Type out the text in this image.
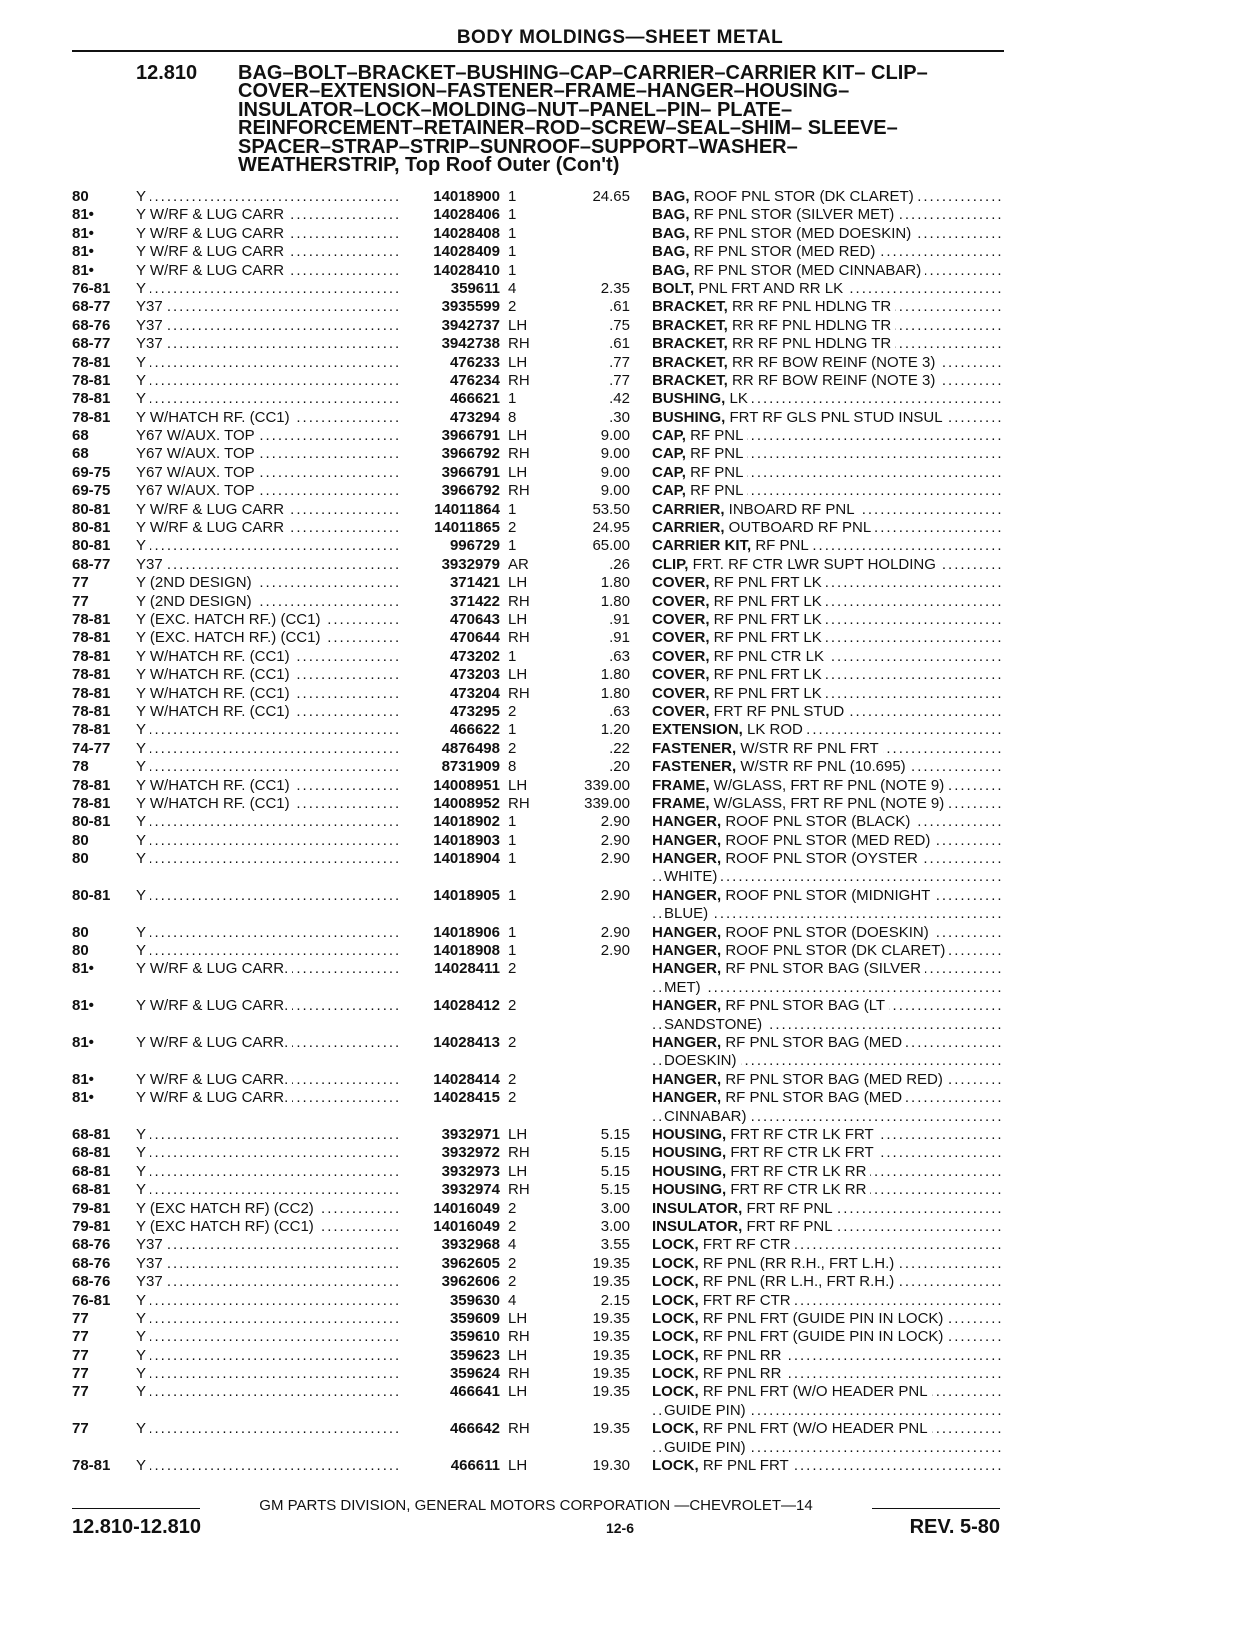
BODY MOLDINGS—SHEET METAL
12.810 BAG–BOLT–BRACKET–BUSHING–CAP–CARRIER–CARRIER KIT– CLIP–
COVER–EXTENSION–FASTENER–FRAME–HANGER–HOUSING–
INSULATOR–LOCK–MOLDING–NUT–PANEL–PIN– PLATE–
REINFORCEMENT–RETAINER–ROD–SCREW–SEAL–SHIM– SLEEVE–
SPACER–STRAP–STRIP–SUNROOF–SUPPORT–WASHER–
WEATHERSTRIP, Top Roof Outer (Con't)
80	Y .....	14018900 1	24.65 BAG, ROOF PNL STOR (DK CLARET) .....
81•	Y W/RF & LUG CARR .....	14028406 1	BAG, RF PNL STOR (SILVER MET) .....
81•	Y W/RF & LUG CARR .....	14028408 1	BAG, RF PNL STOR (MED DOESKIN) .....
81•	Y W/RF & LUG CARR .....	14028409 1	BAG, RF PNL STOR (MED RED) .....
81•	Y W/RF & LUG CARR .....	14028410 1	BAG, RF PNL STOR (MED CINNABAR) .....
76-81	Y .....	359611 4	2.35 BOLT, PNL FRT AND RR LK .....
68-77	Y37 .....	3935599 2	.61 BRACKET, RR RF PNL HDLNG TR .....
68-76	Y37 .....	3942737 LH	.75 BRACKET, RR RF PNL HDLNG TR .....
68-77	Y37 .....	3942738 RH	.61 BRACKET, RR RF PNL HDLNG TR .....
78-81	Y .....	476233 LH	.77 BRACKET, RR RF BOW REINF (NOTE 3) .....
78-81	Y .....	476234 RH	.77 BRACKET, RR RF BOW REINF (NOTE 3) .....
78-81	Y .....	466621 1	.42 BUSHING, LK .....
78-81	Y W/HATCH RF. (CC1) .....	473294 8	.30 BUSHING, FRT RF GLS PNL STUD INSUL .....
68	Y67 W/AUX. TOP .....	3966791 LH	9.00 CAP, RF PNL .....
68	Y67 W/AUX. TOP .....	3966792 RH	9.00 CAP, RF PNL .....
69-75	Y67 W/AUX. TOP .....	3966791 LH	9.00 CAP, RF PNL .....
69-75	Y67 W/AUX. TOP .....	3966792 RH	9.00 CAP, RF PNL .....
80-81	Y W/RF & LUG CARR .....	14011864 1	53.50 CARRIER, INBOARD RF PNL .....
80-81	Y W/RF & LUG CARR .....	14011865 2	24.95 CARRIER, OUTBOARD RF PNL .....
80-81	Y .....	996729 1	65.00 CARRIER KIT, RF PNL .....
68-77	Y37 .....	3932979 AR	.26 CLIP, FRT. RF CTR LWR SUPT HOLDING .....
77	Y (2ND DESIGN) .....	371421 LH	1.80 COVER, RF PNL FRT LK .....
77	Y (2ND DESIGN) .....	371422 RH	1.80 COVER, RF PNL FRT LK .....
78-81	Y (EXC. HATCH RF.) (CC1) .....	470643 LH	.91 COVER, RF PNL FRT LK .....
78-81	Y (EXC. HATCH RF.) (CC1) .....	470644 RH	.91 COVER, RF PNL FRT LK .....
78-81	Y W/HATCH RF. (CC1) .....	473202 1	.63 COVER, RF PNL CTR LK .....
78-81	Y W/HATCH RF. (CC1) .....	473203 LH	1.80 COVER, RF PNL FRT LK .....
78-81	Y W/HATCH RF. (CC1) .....	473204 RH	1.80 COVER, RF PNL FRT LK .....
78-81	Y W/HATCH RF. (CC1) .....	473295 2	.63 COVER, FRT RF PNL STUD .....
78-81	Y .....	466622 1	1.20 EXTENSION, LK ROD .....
74-77	Y .....	4876498 2	.22 FASTENER, W/STR RF PNL FRT .....
78	Y .....	8731909 8	.20 FASTENER, W/STR RF PNL (10.695) .....
78-81	Y W/HATCH RF. (CC1) .....	14008951 LH	339.00 FRAME, W/GLASS, FRT RF PNL (NOTE 9) .....
78-81	Y W/HATCH RF. (CC1) .....	14008952 RH	339.00 FRAME, W/GLASS, FRT RF PNL (NOTE 9) .....
80-81	Y .....	14018902 1	2.90 HANGER, ROOF PNL STOR (BLACK) .....
80	Y .....	14018903 1	2.90 HANGER, ROOF PNL STOR (MED RED) .....
80	Y .....	14018904 1	2.90 HANGER, ROOF PNL STOR (OYSTER .....
WHITE) .....
80-81	Y .....	14018905 1	2.90 HANGER, ROOF PNL STOR (MIDNIGHT .....
BLUE) .....
80	Y .....	14018906 1	2.90 HANGER, ROOF PNL STOR (DOESKIN) .....
80	Y .....	14018908 1	2.90 HANGER, ROOF PNL STOR (DK CLARET) .....
81•	Y W/RF & LUG CARR. .....	14028411 2	HANGER, RF PNL STOR BAG (SILVER .....
MET) .....
81•	Y W/RF & LUG CARR. .....	14028412 2	HANGER, RF PNL STOR BAG (LT .....
SANDSTONE) .....
81•	Y W/RF & LUG CARR. .....	14028413 2	HANGER, RF PNL STOR BAG (MED .....
DOESKIN) .....
81•	Y W/RF & LUG CARR. .....	14028414 2	HANGER, RF PNL STOR BAG (MED RED) .....
81•	Y W/RF & LUG CARR. .....	14028415 2	HANGER, RF PNL STOR BAG (MED .....
CINNABAR) .....
68-81	Y .....	3932971 LH	5.15 HOUSING, FRT RF CTR LK FRT .....
68-81	Y .....	3932972 RH	5.15 HOUSING, FRT RF CTR LK FRT .....
68-81	Y .....	3932973 LH	5.15 HOUSING, FRT RF CTR LK RR .....
68-81	Y .....	3932974 RH	5.15 HOUSING, FRT RF CTR LK RR .....
79-81	Y (EXC HATCH RF) (CC2) .....	14016049 2	3.00 INSULATOR, FRT RF PNL .....
79-81	Y (EXC HATCH RF) (CC1) .....	14016049 2	3.00 INSULATOR, FRT RF PNL .....
68-76	Y37 .....	3932968 4	3.55 LOCK, FRT RF CTR .....
68-76	Y37 .....	3962605 2	19.35 LOCK, RF PNL (RR R.H., FRT L.H.) .....
68-76	Y37 .....	3962606 2	19.35 LOCK, RF PNL (RR L.H., FRT R.H.) .....
76-81	Y .....	359630 4	2.15 LOCK, FRT RF CTR .....
77	Y .....	359609 LH	19.35 LOCK, RF PNL FRT (GUIDE PIN IN LOCK) .....
77	Y .....	359610 RH	19.35 LOCK, RF PNL FRT (GUIDE PIN IN LOCK) .....
77	Y .....	359623 LH	19.35 LOCK, RF PNL RR .....
77	Y .....	359624 RH	19.35 LOCK, RF PNL RR .....
77	Y .....	466641 LH	19.35 LOCK, RF PNL FRT (W/O HEADER PNL .....
GUIDE PIN) .....
77	Y .....	466642 RH	19.35 LOCK, RF PNL FRT (W/O HEADER PNL .....
GUIDE PIN) .....
78-81	Y .....	466611 LH	19.30 LOCK, RF PNL FRT .....
GM PARTS DIVISION, GENERAL MOTORS CORPORATION —CHEVROLET—14
12.810-12.810	12-6	REV. 5-80
